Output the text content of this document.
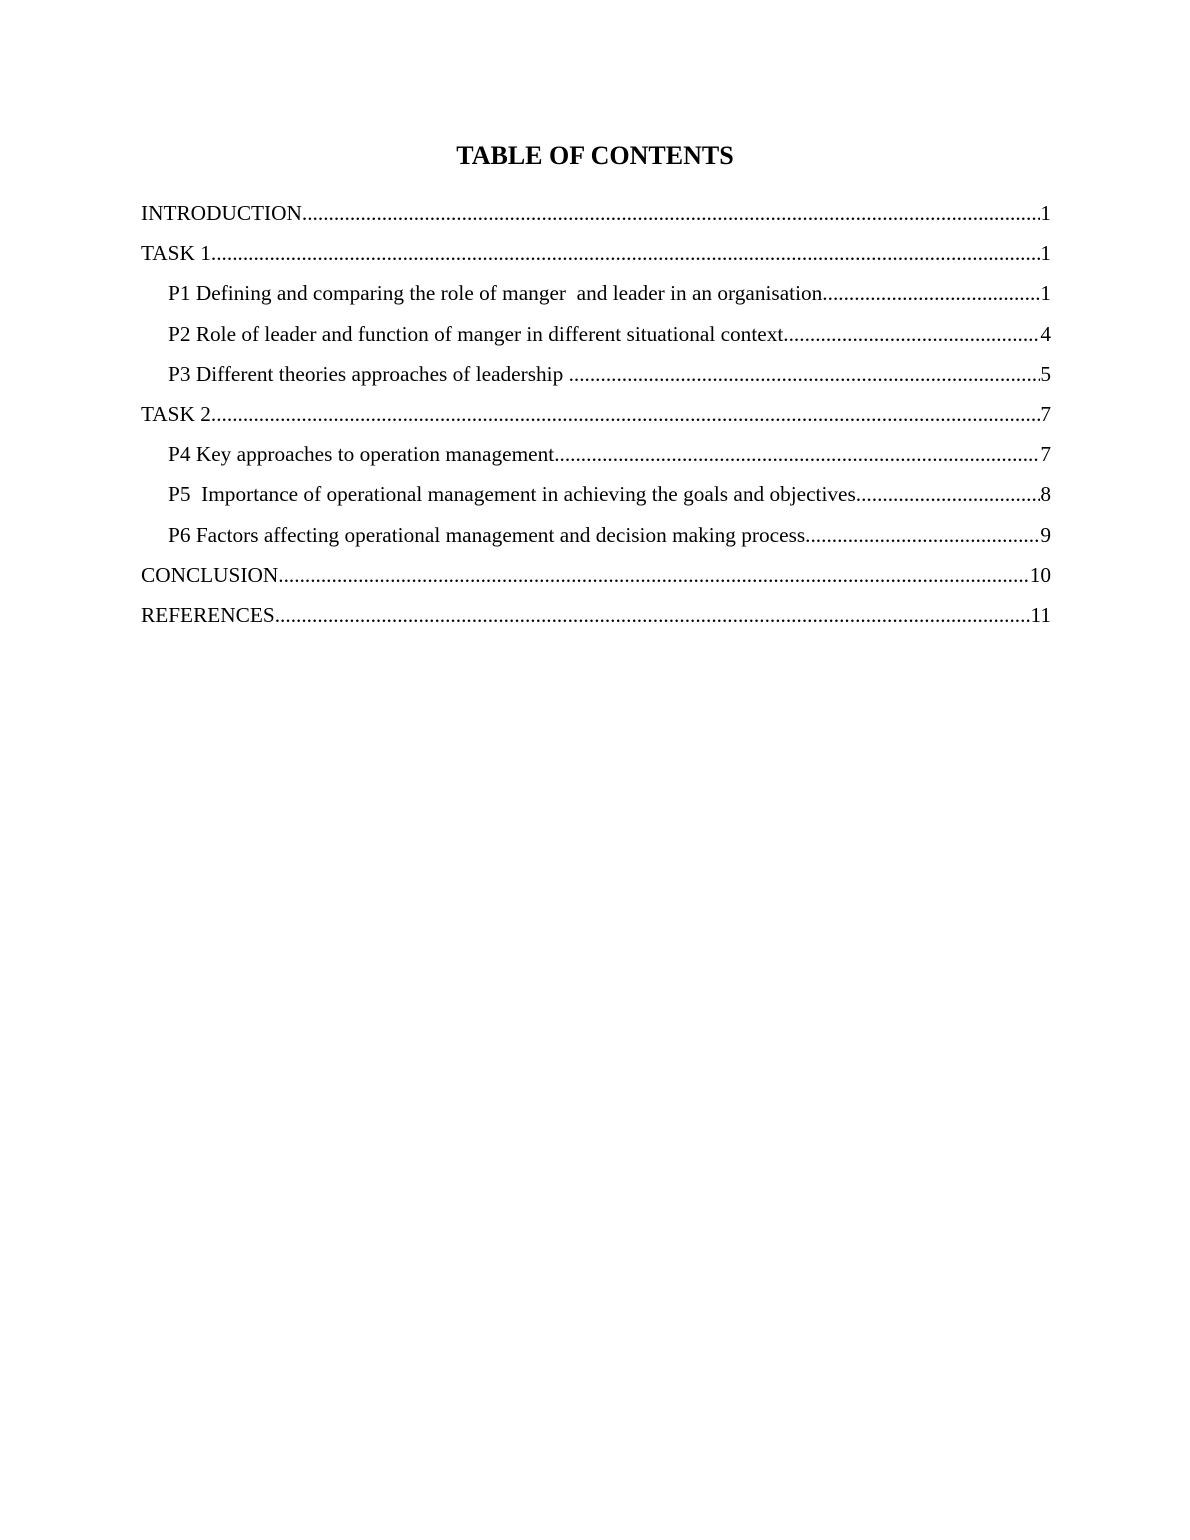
TABLE OF CONTENTS
INTRODUCTION .....	1
TASK 1 .....	1
P1 Defining and comparing the role of manger  and leader in an organisation .....	1
P2 Role of leader and function of manger in different situational context .....	4
P3 Different theories approaches of leadership .....	5
TASK 2 .....	7
P4 Key approaches to operation management .....	7
P5  Importance of operational management in achieving the goals and objectives .....	8
P6 Factors affecting operational management and decision making process .....	9
CONCLUSION .....	10
REFERENCES .....	11
